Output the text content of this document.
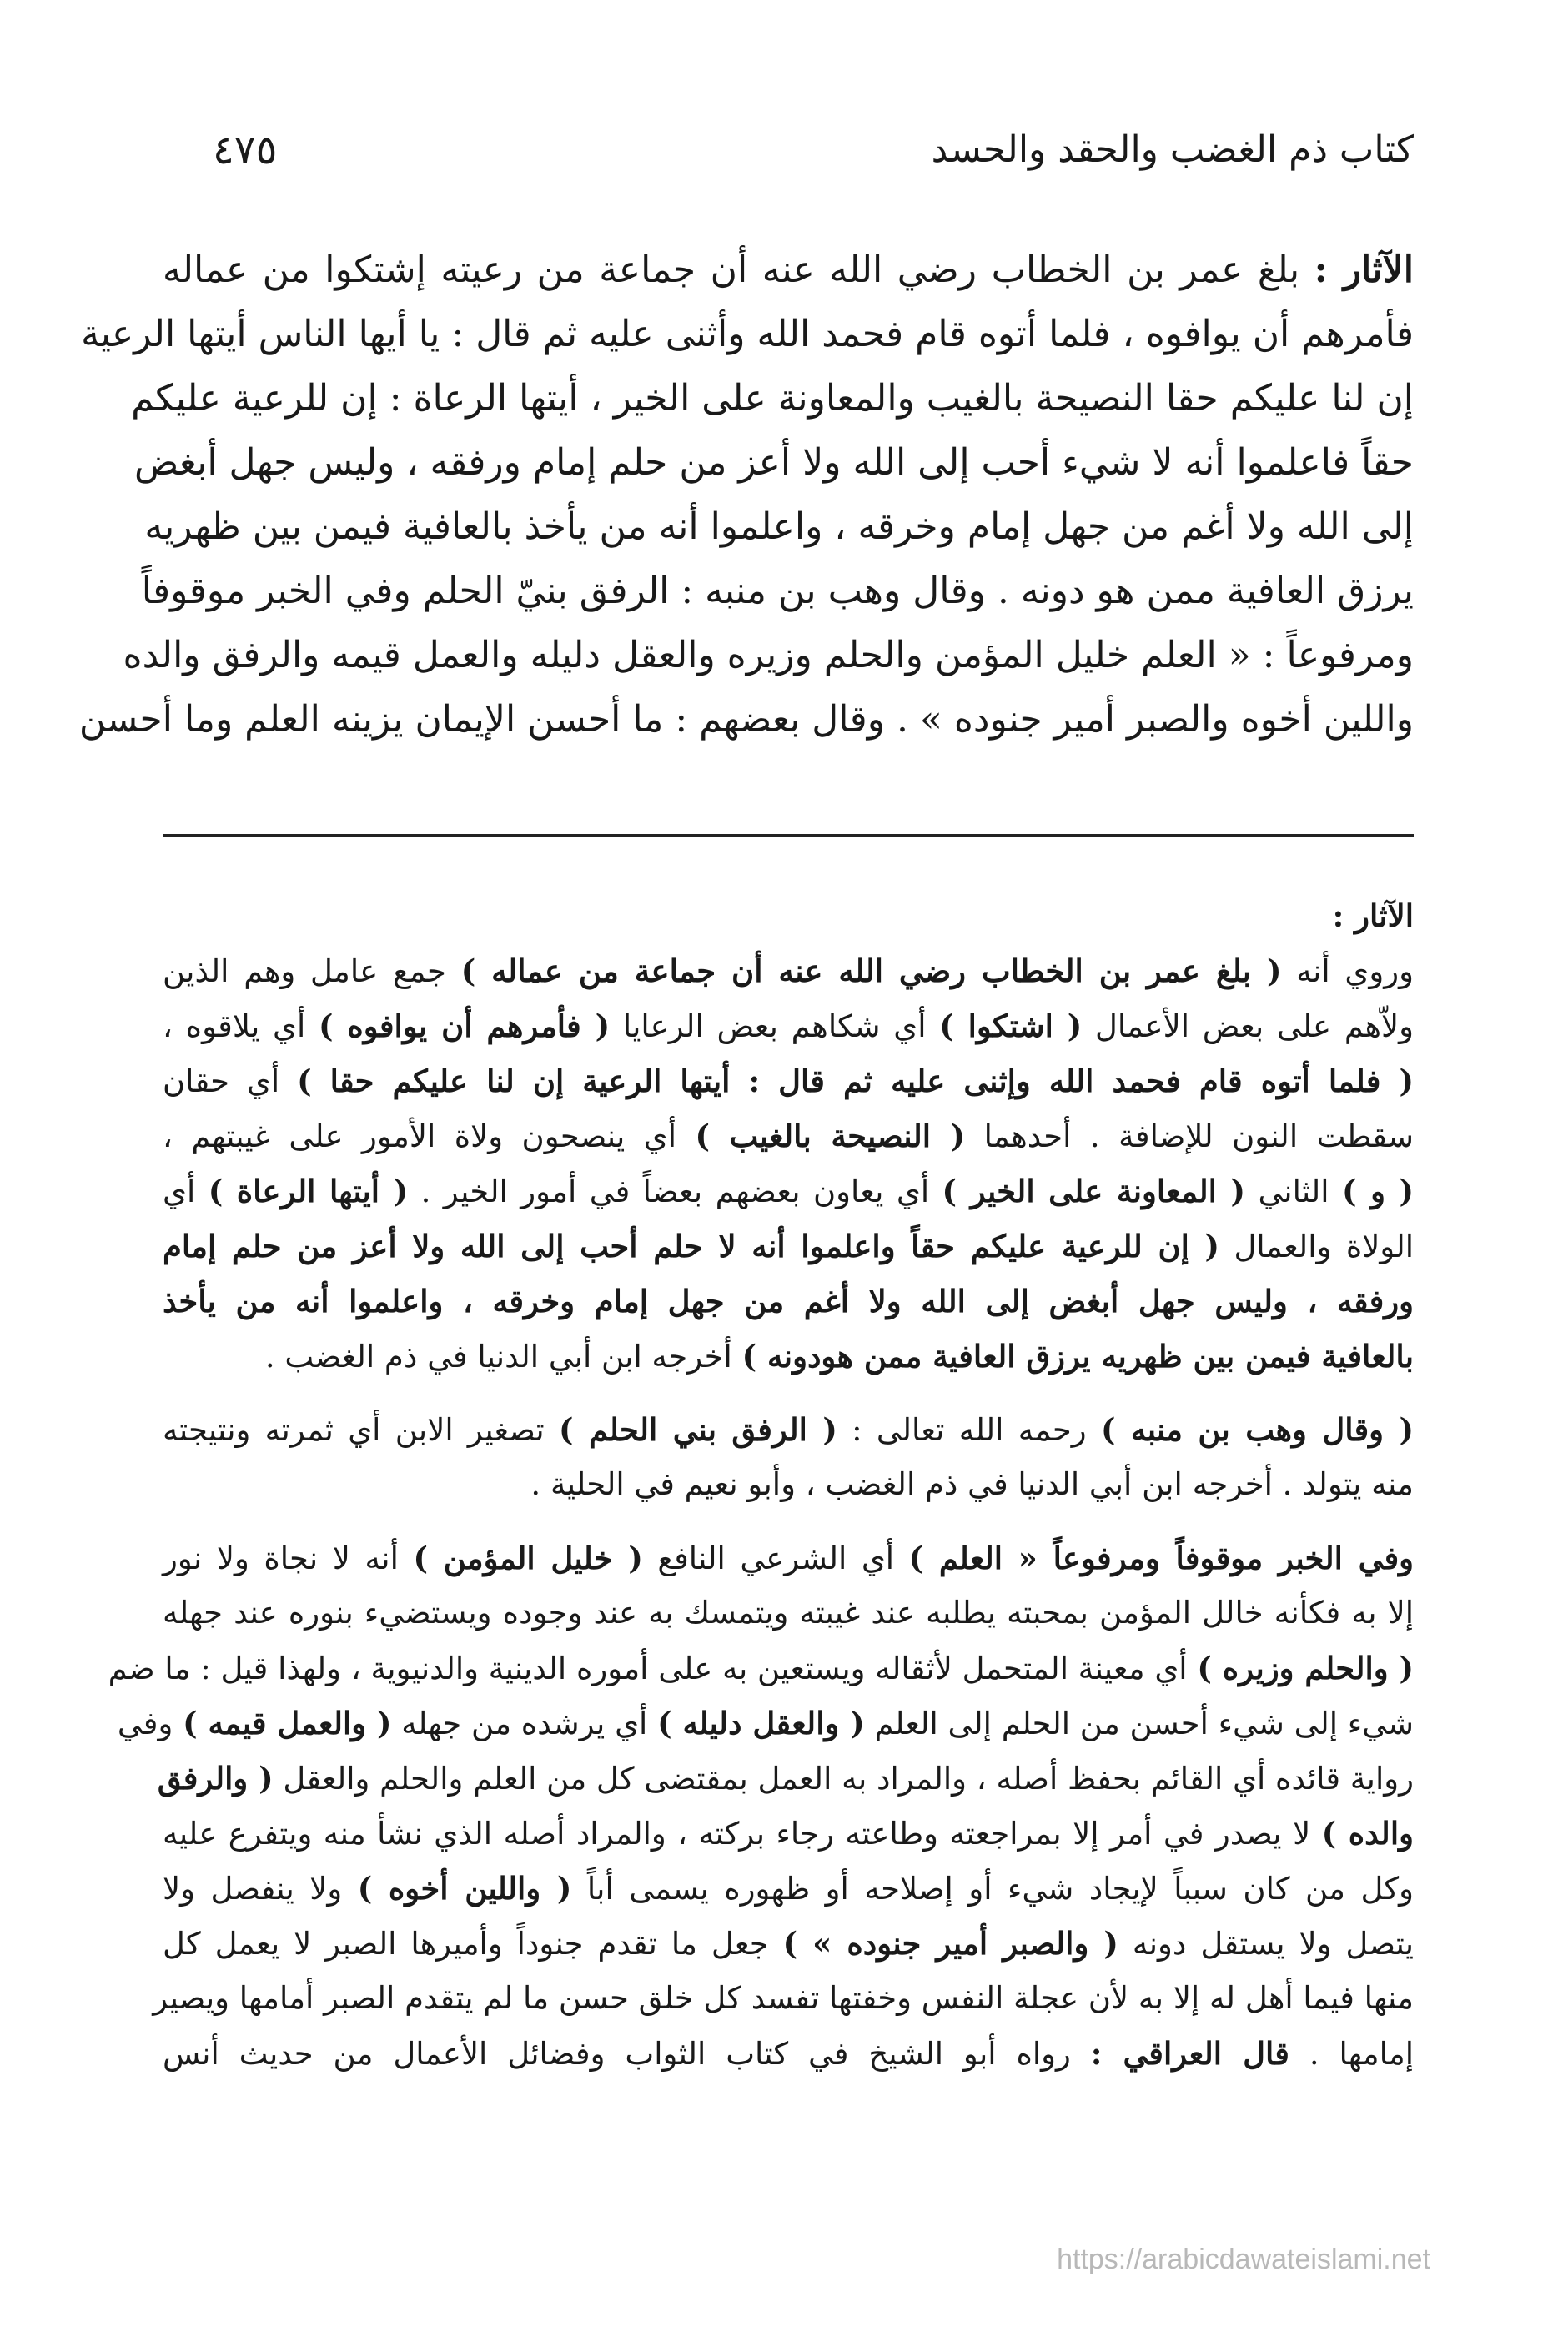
كتاب ذم الغضب والحقد والحسد
٤٧٥
الآثار : بلغ عمر بن الخطاب رضي الله عنه أن جماعة من رعيته إشتكوا من عماله
فأمرهم أن يوافوه ، فلما أتوه قام فحمد الله وأثنى عليه ثم قال : يا أيها الناس أيتها الرعية
إن لنا عليكم حقا النصيحة بالغيب والمعاونة على الخير ، أيتها الرعاة : إن للرعية عليكم
حقاً فاعلموا أنه لا شيء أحب إلى الله ولا أعز من حلم إمام ورفقه ، وليس جهل أبغض
إلى الله ولا أغم من جهل إمام وخرقه ، واعلموا أنه من يأخذ بالعافية فيمن بين ظهريه
يرزق العافية ممن هو دونه . وقال وهب بن منبه : الرفق بنيّ الحلم وفي الخبر موقوفاً
ومرفوعاً : « العلم خليل المؤمن والحلم وزيره والعقل دليله والعمل قيمه والرفق والده
واللين أخوه والصبر أمير جنوده » . وقال بعضهم : ما أحسن الإيمان يزينه العلم وما أحسن
الآثار :
وروي أنه ( بلغ عمر بن الخطاب رضي الله عنه أن جماعة من عماله ) جمع عامل وهم الذين
ولاّهم على بعض الأعمال ( اشتكوا ) أي شكاهم بعض الرعايا ( فأمرهم أن يوافوه ) أي يلاقوه ،
( فلما أتوه قام فحمد الله وإثنى عليه ثم قال : أيتها الرعية إن لنا عليكم حقا ) أي حقان
سقطت النون للإضافة . أحدهما ( النصيحة بالغيب ) أي ينصحون ولاة الأمور على غيبتهم ،
( و ) الثاني ( المعاونة على الخير ) أي يعاون بعضهم بعضاً في أمور الخير . ( أيتها الرعاة ) أي
الولاة والعمال ( إن للرعية عليكم حقاً واعلموا أنه لا حلم أحب إلى الله ولا أعز من حلم إمام
ورفقه ، وليس جهل أبغض إلى الله ولا أغم من جهل إمام وخرقه ، واعلموا أنه من يأخذ
بالعافية فيمن بين ظهريه يرزق العافية ممن هودونه ) أخرجه ابن أبي الدنيا في ذم الغضب .
( وقال وهب بن منبه ) رحمه الله تعالى : ( الرفق بني الحلم ) تصغير الابن أي ثمرته ونتيجته
منه يتولد . أخرجه ابن أبي الدنيا في ذم الغضب ، وأبو نعيم في الحلية .
وفي الخبر موقوفاً ومرفوعاً « العلم ) أي الشرعي النافع ( خليل المؤمن ) أنه لا نجاة ولا نور
إلا به فكأنه خالل المؤمن بمحبته يطلبه عند غيبته ويتمسك به عند وجوده ويستضيء بنوره عند جهله
( والحلم وزيره ) أي معينة المتحمل لأثقاله ويستعين به على أموره الدينية والدنيوية ، ولهذا قيل : ما ضم
شيء إلى شيء أحسن من الحلم إلى العلم ( والعقل دليله ) أي يرشده من جهله ( والعمل قيمه ) وفي
رواية قائده أي القائم بحفظ أصله ، والمراد به العمل بمقتضى كل من العلم والحلم والعقل ( والرفق
والده ) لا يصدر في أمر إلا بمراجعته وطاعته رجاء بركته ، والمراد أصله الذي نشأ منه ويتفرع عليه
وكل من كان سبباً لإيجاد شيء أو إصلاحه أو ظهوره يسمى أباً ( واللين أخوه ) ولا ينفصل ولا
يتصل ولا يستقل دونه ( والصبر أمير جنوده » ) جعل ما تقدم جنوداً وأميرها الصبر لا يعمل كل
منها فيما أهل له إلا به لأن عجلة النفس وخفتها تفسد كل خلق حسن ما لم يتقدم الصبر أمامها ويصير
إمامها . قال العراقي : رواه أبو الشيخ في كتاب الثواب وفضائل الأعمال من حديث أنس
https://arabicdawateislami.net
